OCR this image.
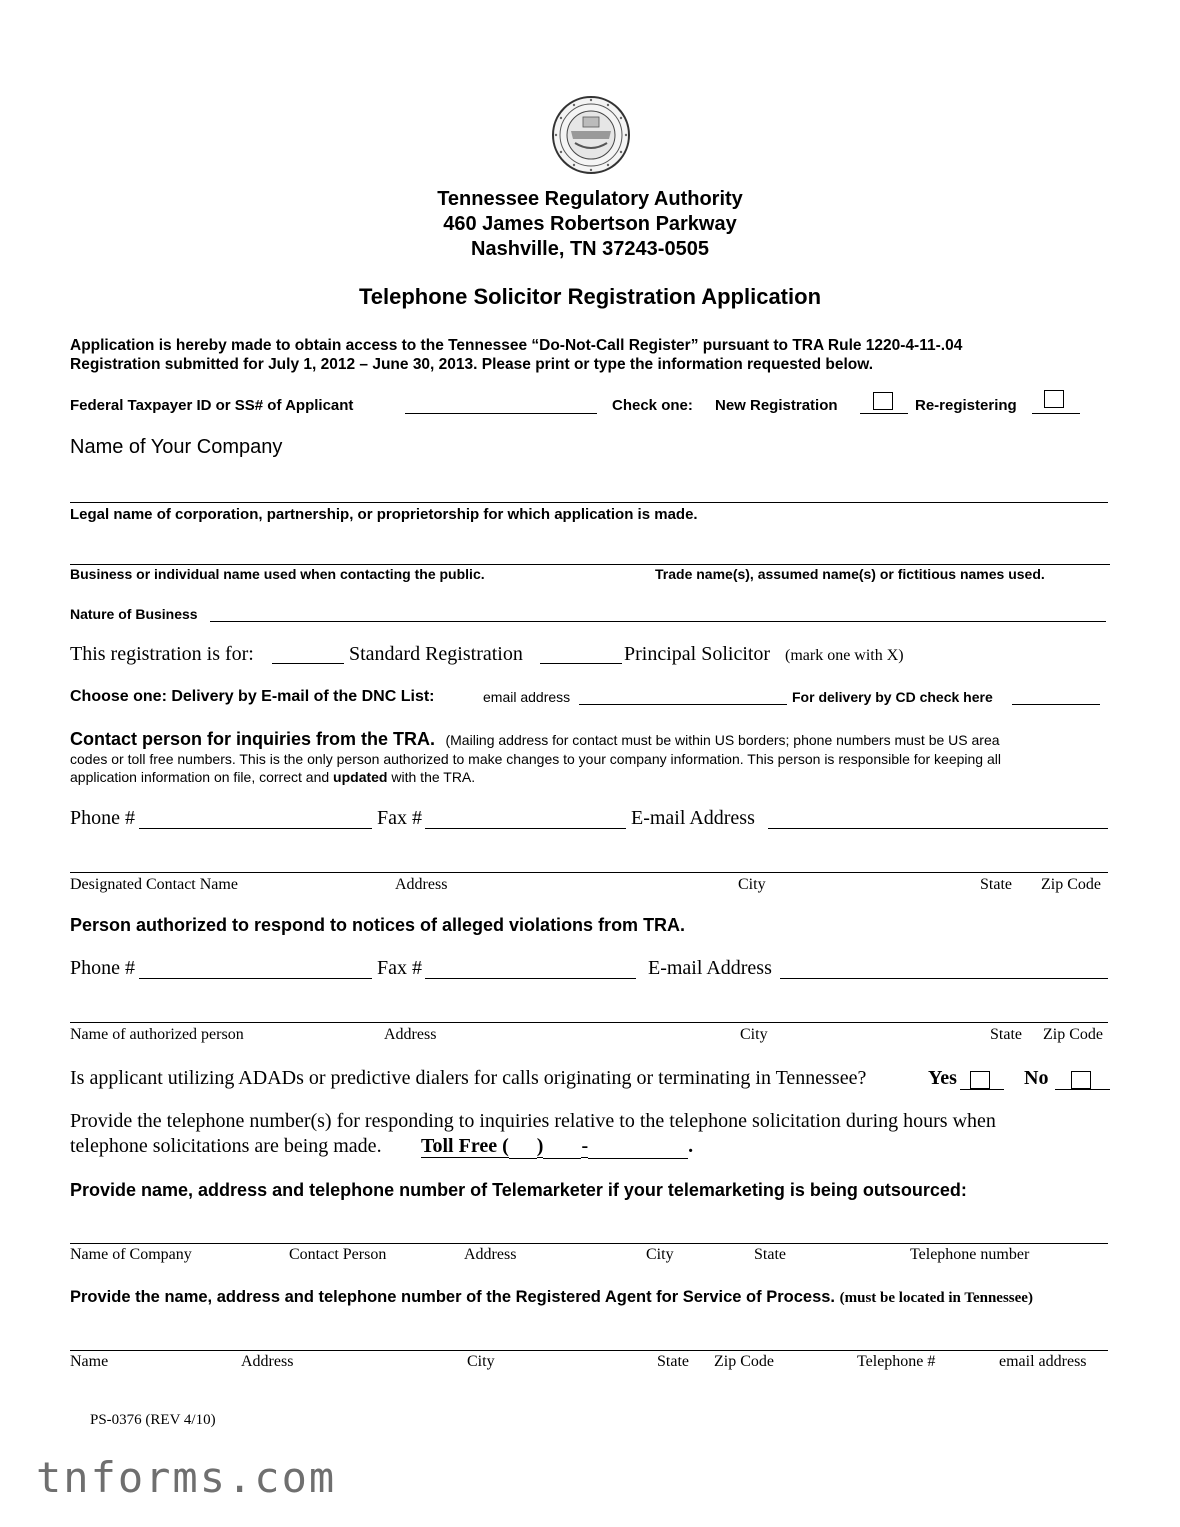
Tennessee Regulatory Authority
460 James Robertson Parkway
Nashville, TN 37243-0505
Telephone Solicitor Registration Application
Application is hereby made to obtain access to the Tennessee “Do-Not-Call Register” pursuant to TRA Rule 1220-4-11-.04
Registration submitted for July 1, 2012 – June 30, 2013. Please print or type the information requested below.
Federal Taxpayer ID or SS# of Applicant	Check one: New Registration	Re-registering
Name of Your Company
Legal name of corporation, partnership, or proprietorship for which application is made.
Business or individual name used when contacting the public.	Trade name(s), assumed name(s) or fictitious names used.
Nature of Business
This registration is for:	Standard Registration	Principal Solicitor (mark one with X)
Choose one: Delivery by E-mail of the DNC List:	email address	For delivery by CD check here
Contact person for inquiries from the TRA. (Mailing address for contact must be within US borders; phone numbers must be US area
codes or toll free numbers. This is the only person authorized to make changes to your company information. This person is responsible for keeping all
application information on file, correct and updated with the TRA.
Phone #	Fax #	E-mail Address
Designated Contact Name	Address	City	State Zip Code
Person authorized to respond to notices of alleged violations from TRA.
Phone #	Fax #	E-mail Address
Name of authorized person	Address	City	State Zip Code
Is applicant utilizing ADADs or predictive dialers for calls originating or terminating in Tennessee?	Yes	No
Provide the telephone number(s) for responding to inquiries relative to the telephone solicitation during hours when
telephone solicitations are being made. Toll Free ( ) -	.
Provide name, address and telephone number of Telemarketer if your telemarketing is being outsourced:
Name of Company	Contact Person	Address	City	State	Telephone number
Provide the name, address and telephone number of the Registered Agent for Service of Process. (must be located in Tennessee)
Name	Address	City	State Zip Code	Telephone #	email address
PS-0376 (REV 4/10)
tnforms.com
